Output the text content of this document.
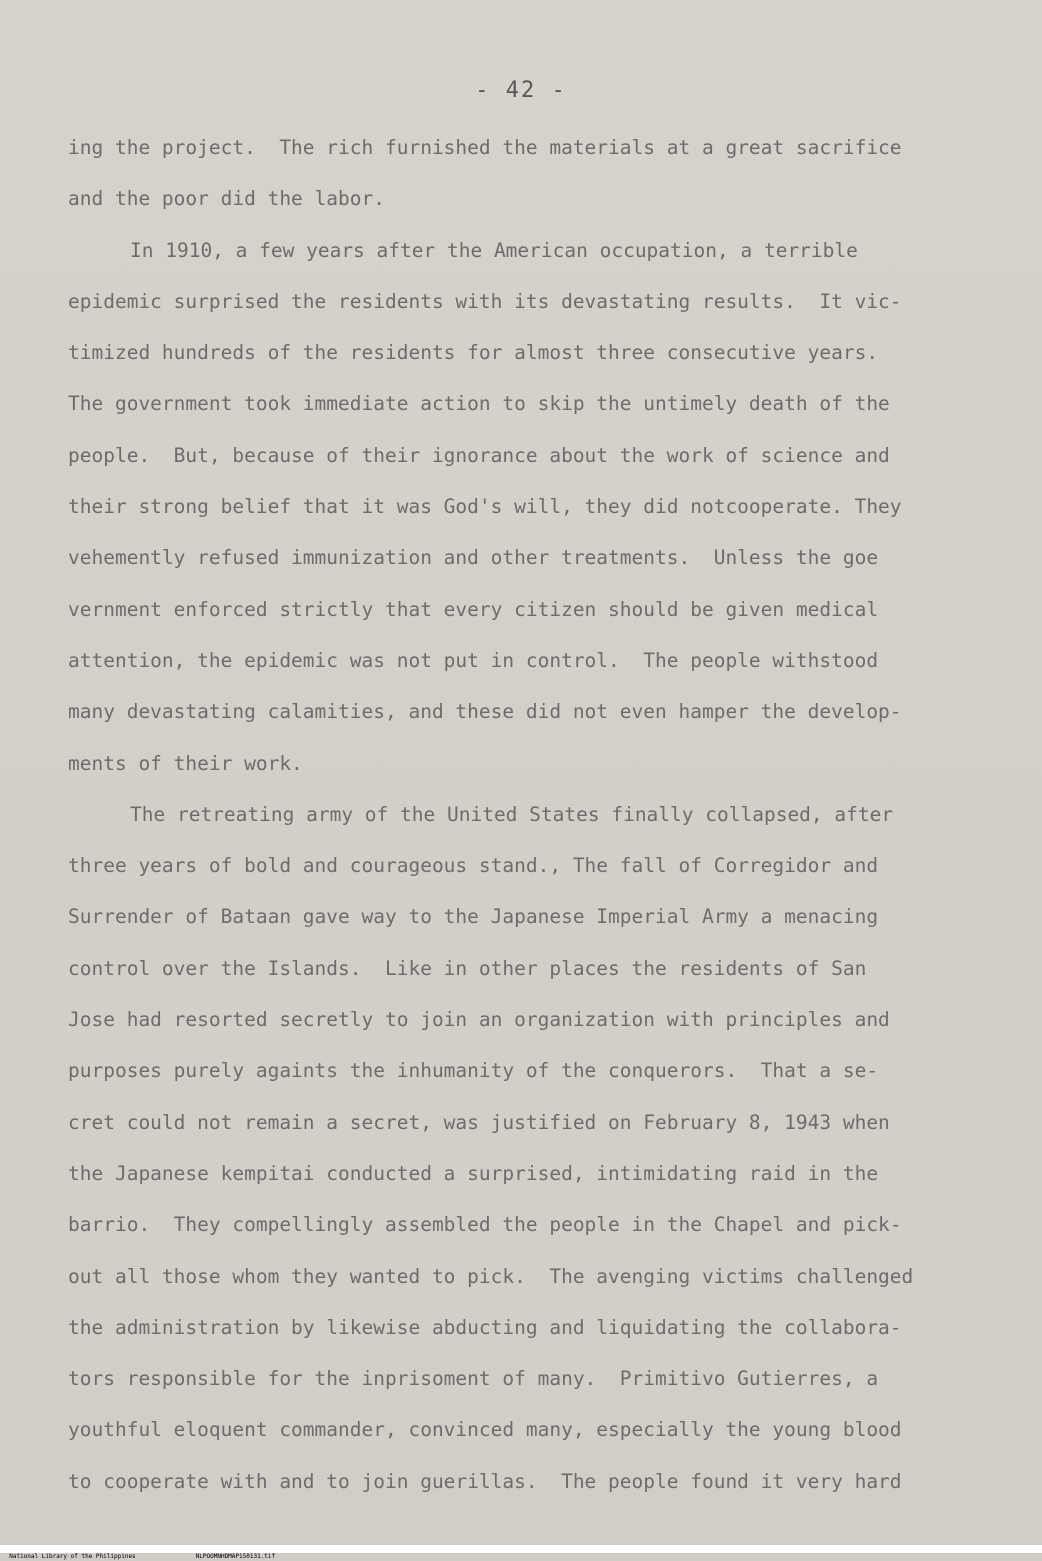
- 42 -
ing the project.  The rich furnished the materials at a great sacrifice
and the poor did the labor.
In 1910, a few years after the American occupation, a terrible
epidemic surprised the residents with its devastating results.  It vic-
timized hundreds of the residents for almost three consecutive years.
The government took immediate action to skip the untimely death of the
people.  But, because of their ignorance about the work of science and
their strong belief that it was God's will, they did notcooperate. They
vehemently refused immunization and other treatments.  Unless the goe
vernment enforced strictly that every citizen should be given medical
attention, the epidemic was not put in control.  The people withstood
many devastating calamities, and these did not even hamper the develop-
ments of their work.
The retreating army of the United States finally collapsed, after
three years of bold and courageous stand., The fall of Corregidor and
Surrender of Bataan gave way to the Japanese Imperial Army a menacing
control over the Islands.  Like in other places the residents of San
Jose had resorted secretly to join an organization with principles and
purposes purely againts the inhumanity of the conquerors.  That a se-
cret could not remain a secret, was justified on February 8, 1943 when
the Japanese kempitai conducted a surprised, intimidating raid in the
barrio.  They compellingly assembled the people in the Chapel and pick-
out all those whom they wanted to pick.  The avenging victims challenged
the administration by likewise abducting and liquidating the collabora-
tors responsible for the inprisoment of many.  Primitivo Gutierres, a
youthful eloquent commander, convinced many, especially the young blood
to cooperate with and to join guerillas.  The people found it very hard

National Library of the Philippines	NLPOOMNHDMAP150131.tif
